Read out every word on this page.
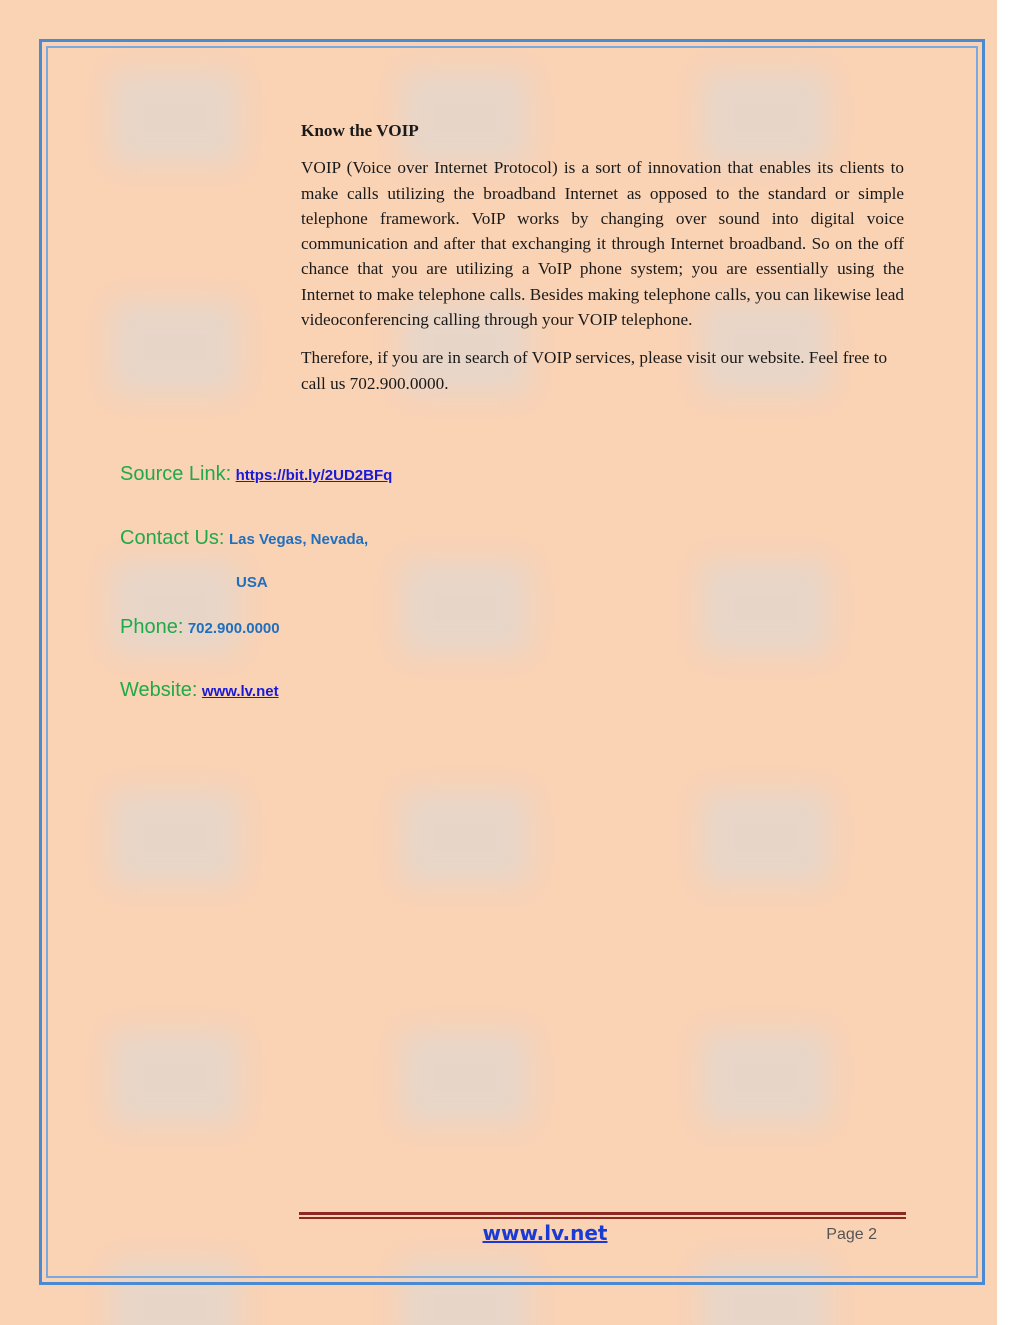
Know the VOIP

VOIP (Voice over Internet Protocol) is a sort of innovation that enables its clients to make calls utilizing the broadband Internet as opposed to the standard or simple telephone framework. VoIP works by changing over sound into digital voice communication and after that exchanging it through Internet broadband. So on the off chance that you are utilizing a VoIP phone system; you are essentially using the Internet to make telephone calls. Besides making telephone calls, you can likewise lead videoconferencing calling through your VOIP telephone.

Therefore, if you are in search of VOIP services, please visit our website. Feel free to call us 702.900.0000.

Source Link: https://bit.ly/2UD2BFq
Contact Us: Las Vegas, Nevada,
USA
Phone: 702.900.0000
Website: www.lv.net
www.lv.net	Page 2
